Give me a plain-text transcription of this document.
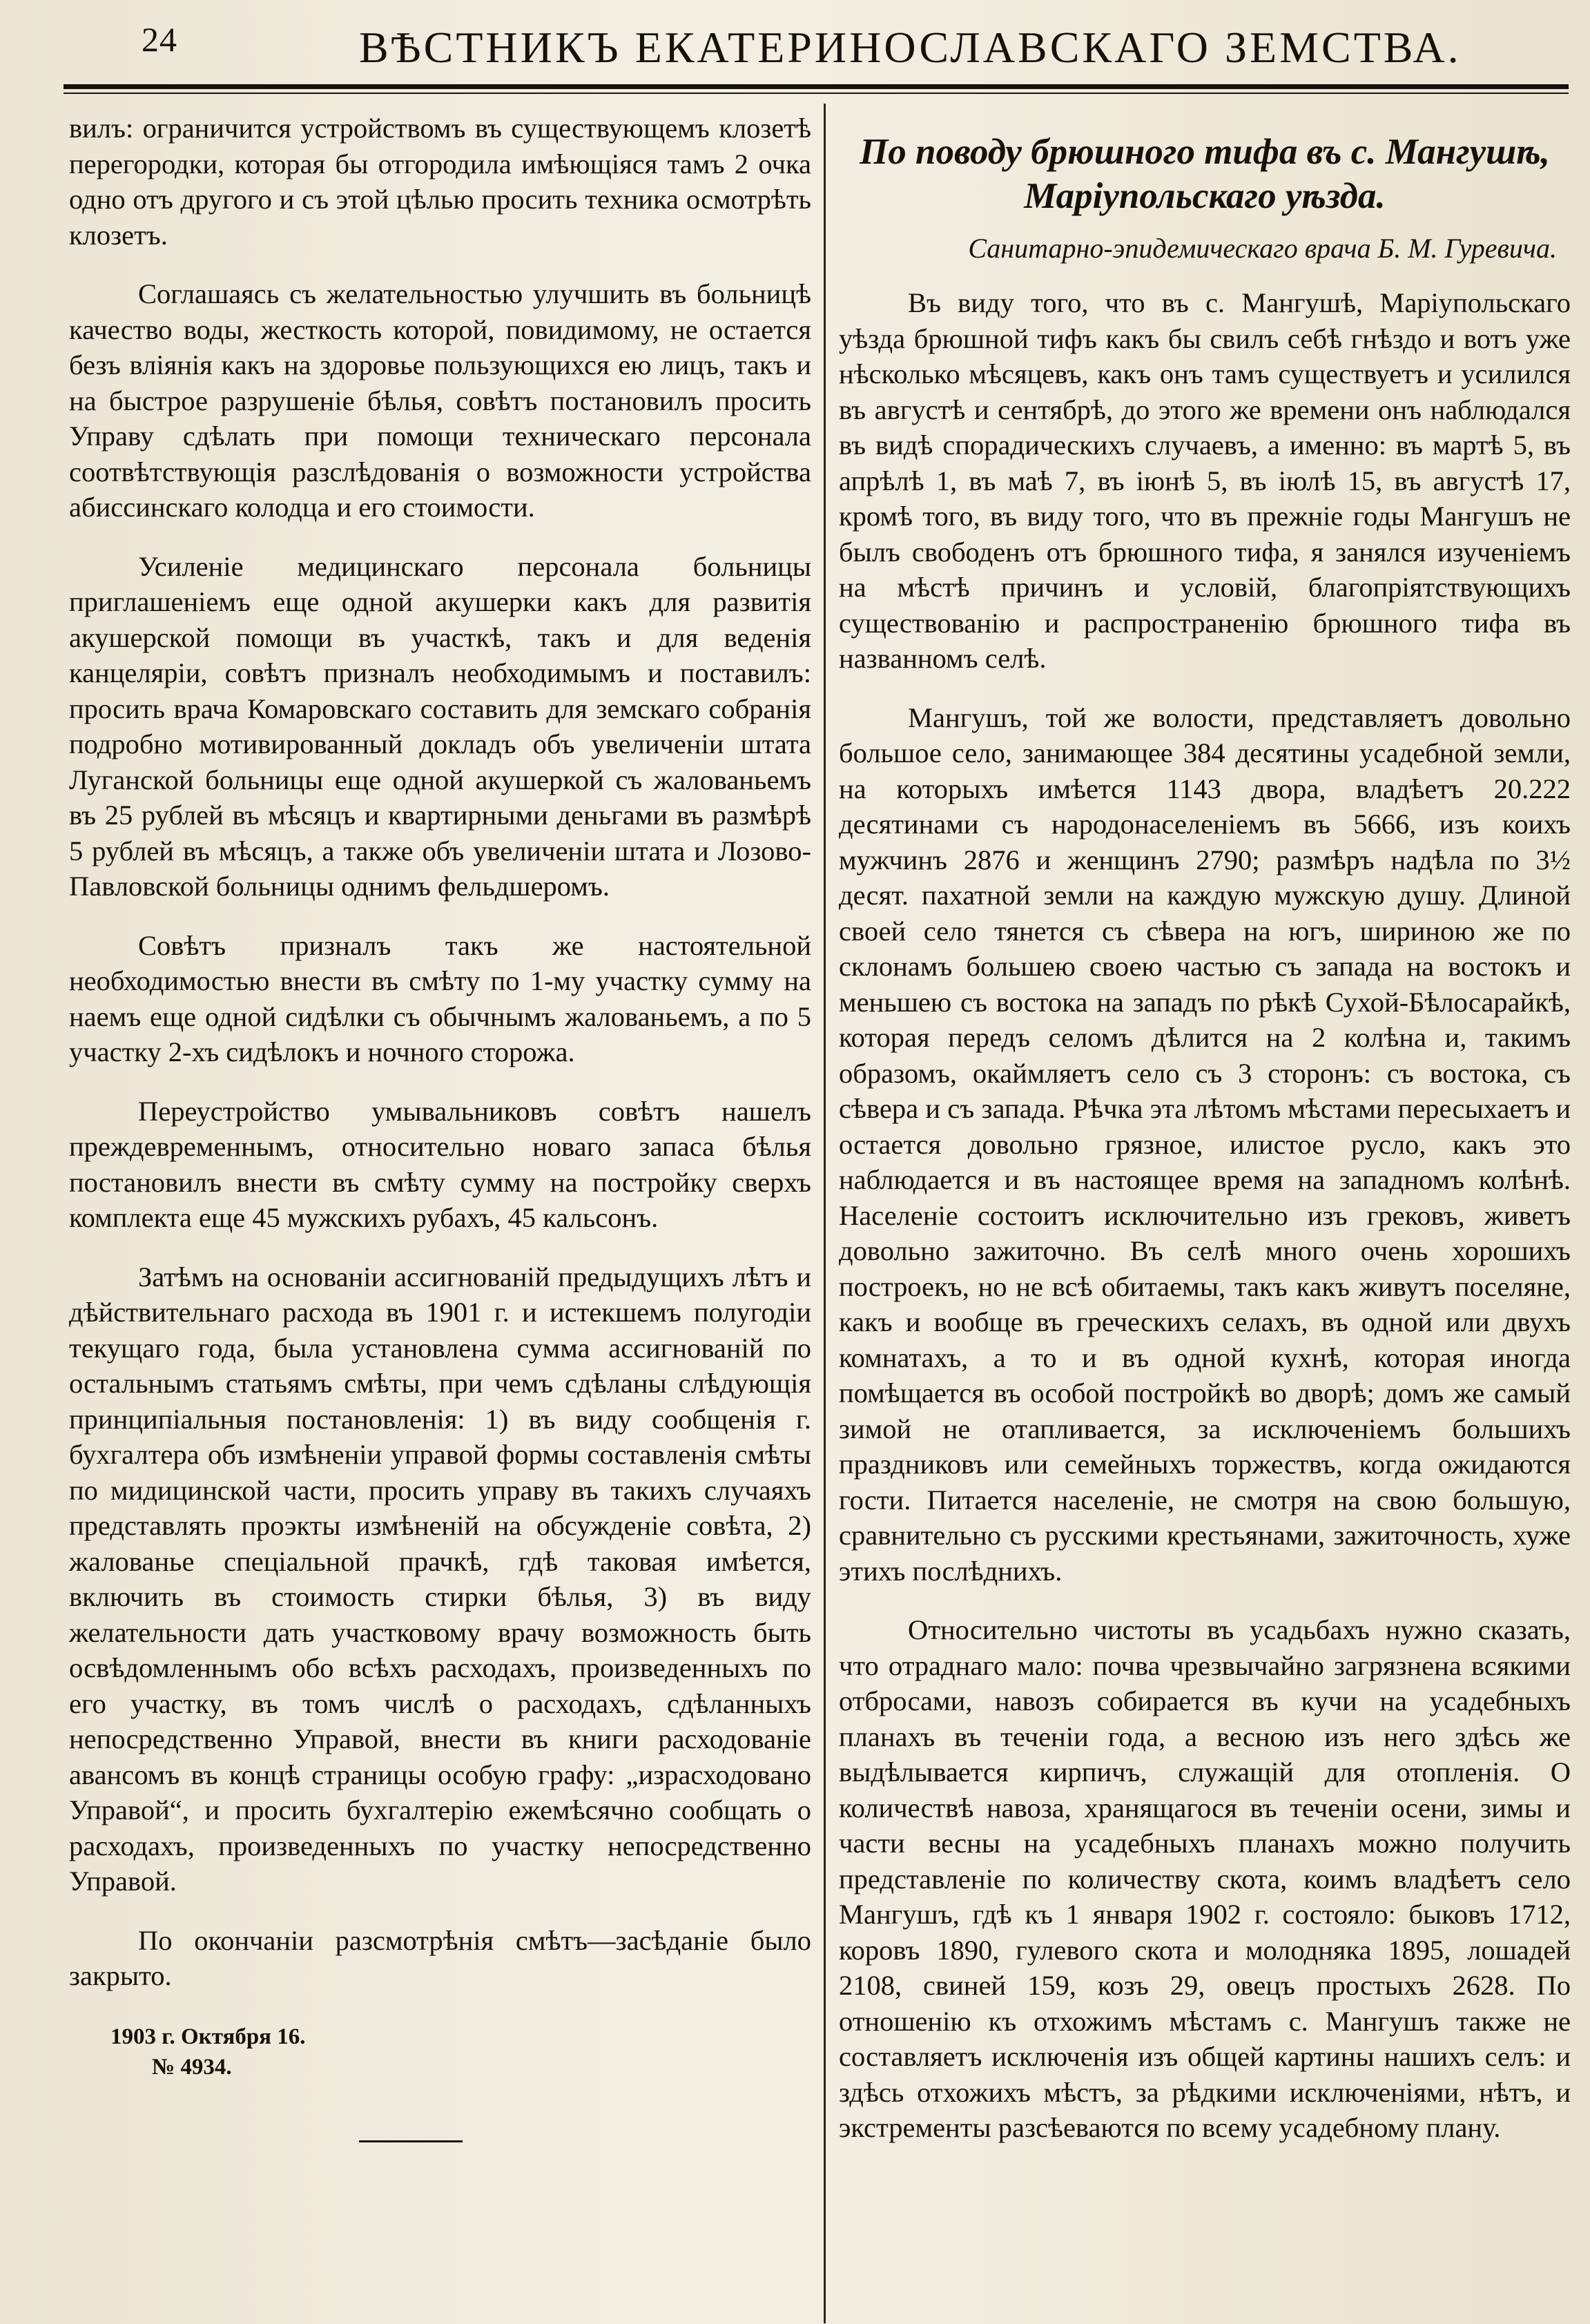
24	ВѢСТНИКЪ ЕКАТЕРИНОСЛАВСКАГО ЗЕМСТВА.

вилъ: ограничится устройствомъ въ существующемъ клозетѣ перегородки, которая бы отгородила имѣющіяся тамъ 2 очка одно отъ другого и съ этой цѣлью просить техника осмотрѣть клозетъ.

Соглашаясь съ желательностью улучшить въ больницѣ качество воды, жесткость которой, повидимому, не остается безъ вліянія какъ на здоровье пользующихся ею лицъ, такъ и на быстрое разрушеніе бѣлья, совѣтъ постановилъ просить Управу сдѣлать при помощи техническаго персонала соотвѣтствующія разслѣдованія о возможности устройства абиссинскаго колодца и его стоимости.

Усиленіе медицинскаго персонала больницы приглашеніемъ еще одной акушерки какъ для развитія акушерской помощи въ участкѣ, такъ и для веденія канцеляріи, совѣтъ призналъ необходимымъ и поставилъ: просить врача Комаровскаго составить для земскаго собранія подробно мотивированный докладъ объ увеличеніи штата Луганской больницы еще одной акушеркой съ жалованьемъ въ 25 рублей въ мѣсяцъ и квартирными деньгами въ размѣрѣ 5 рублей въ мѣсяцъ, а также объ увеличеніи штата и Лозово-Павловской больницы однимъ фельдшеромъ.

Совѣтъ призналъ такъ же настоятельной необходимостью внести въ смѣту по 1-му участку сумму на наемъ еще одной сидѣлки съ обычнымъ жалованьемъ, а по 5 участку 2-хъ сидѣлокъ и ночного сторожа.

Переустройство умывальниковъ совѣтъ нашелъ преждевременнымъ, относительно новаго запаса бѣлья постановилъ внести въ смѣту сумму на постройку сверхъ комплекта еще 45 мужскихъ рубахъ, 45 кальсонъ.

Затѣмъ на основаніи ассигнованій предыдущихъ лѣтъ и дѣйствительнаго расхода въ 1901 г. и истекшемъ полугодіи текущаго года, была установлена сумма ассигнованій по остальнымъ статьямъ смѣты, при чемъ сдѣланы слѣдующія принципіальныя постановленія: 1) въ виду сообщенія г. бухгалтера объ измѣненіи управой формы составленія смѣты по мидицинской части, просить управу въ такихъ случаяхъ представлять проэкты измѣненій на обсужденіе совѣта, 2) жалованье спеціальной прачкѣ, гдѣ таковая имѣется, включить въ стоимость стирки бѣлья, 3) въ виду желательности дать участковому врачу возможность быть освѣдомленнымъ обо всѣхъ расходахъ, произведенныхъ по его участку, въ томъ числѣ о расходахъ, сдѣланныхъ непосредственно Управой, внести въ книги расходованіе авансомъ въ концѣ страницы особую графу: „израсходовано Управой“, и просить бухгалтерію ежемѣсячно сообщать о расходахъ, произведенныхъ по участку непосредственно Управой.

По окончаніи разсмотрѣнія смѣтъ—засѣданіе было закрыто.

1903 г. Октября 16.
№ 4934.
По поводу брюшного тифа въ с. Мангушѣ, Маріупольскаго уѣзда.
Санитарно-эпидемическаго врача Б. М. Гуревича.

Въ виду того, что въ с. Мангушѣ, Маріупольскаго уѣзда брюшной тифъ какъ бы свилъ себѣ гнѣздо и вотъ уже нѣсколько мѣсяцевъ, какъ онъ тамъ существуетъ и усилился въ августѣ и сентябрѣ, до этого же времени онъ наблюдался въ видѣ спорадическихъ случаевъ, а именно: въ мартѣ 5, въ апрѣлѣ 1, въ маѣ 7, въ іюнѣ 5, въ іюлѣ 15, въ августѣ 17, кромѣ того, въ виду того, что въ прежніе годы Мангушъ не былъ свободенъ отъ брюшного тифа, я занялся изученіемъ на мѣстѣ причинъ и условій, благопріятствующихъ существованію и распространенію брюшного тифа въ названномъ селѣ.

Мангушъ, той же волости, представляетъ довольно большое село, занимающее 384 десятины усадебной земли, на которыхъ имѣется 1143 двора, владѣетъ 20.222 десятинами съ народонаселеніемъ въ 5666, изъ коихъ мужчинъ 2876 и женщинъ 2790; размѣръ надѣла по 3½ десят. пахатной земли на каждую мужскую душу. Длиной своей село тянется съ сѣвера на югъ, шириною же по склонамъ большею своею частью съ запада на востокъ и меньшею съ востока на западъ по рѣкѣ Сухой-Бѣлосарайкѣ, которая передъ селомъ дѣлится на 2 колѣна и, такимъ образомъ, окаймляетъ село съ 3 сторонъ: съ востока, съ сѣвера и съ запада. Рѣчка эта лѣтомъ мѣстами пересыхаетъ и остается довольно грязное, илистое русло, какъ это наблюдается и въ настоящее время на западномъ колѣнѣ. Населеніе состоитъ исключительно изъ грековъ, живетъ довольно зажиточно. Въ селѣ много очень хорошихъ построекъ, но не всѣ обитаемы, такъ какъ живутъ поселяне, какъ и вообще въ греческихъ селахъ, въ одной или двухъ комнатахъ, а то и въ одной кухнѣ, которая иногда помѣщается въ особой постройкѣ во дворѣ; домъ же самый зимой не отапливается, за исключеніемъ большихъ праздниковъ или семейныхъ торжествъ, когда ожидаются гости. Питается населеніе, не смотря на свою большую, сравнительно съ русскими крестьянами, зажиточность, хуже этихъ послѣднихъ.

Относительно чистоты въ усадьбахъ нужно сказать, что отраднаго мало: почва чрезвычайно загрязнена всякими отбросами, навозъ собирается въ кучи на усадебныхъ планахъ въ теченіи года, а весною изъ него здѣсь же выдѣлывается кирпичъ, служащій для отопленія. О количествѣ навоза, хранящагося въ теченіи осени, зимы и части весны на усадебныхъ планахъ можно получить представленіе по количеству скота, коимъ владѣетъ село Мангушъ, гдѣ къ 1 января 1902 г. состояло: быковъ 1712, коровъ 1890, гулевого скота и молодняка 1895, лошадей 2108, свиней 159, козъ 29, овецъ простыхъ 2628. По отношенію къ отхожимъ мѣстамъ с. Мангушъ также не составляетъ исключенія изъ общей картины нашихъ селъ: и здѣсь отхожихъ мѣстъ, за рѣдкими исключеніями, нѣтъ, и экстременты разсѣеваются по всему усадебному плану.
